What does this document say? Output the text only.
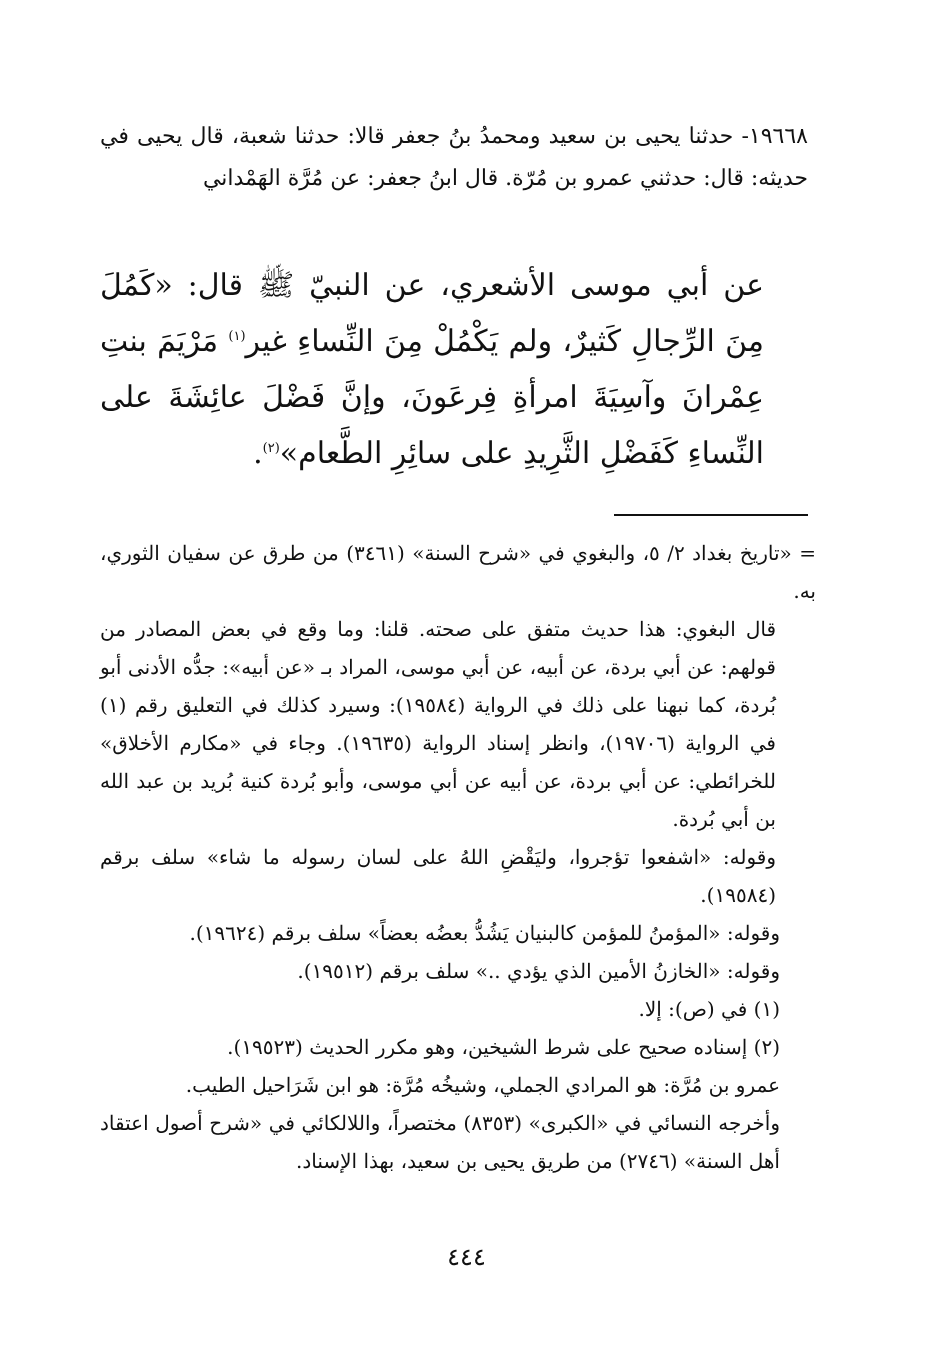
١٩٦٦٨- حدثنا يحيى بن سعيد ومحمدُ بنُ جعفر قالا: حدثنا شعبة، قال يحيى في حديثه: قال: حدثني عمرو بن مُرّة. قال ابنُ جعفر: عن مُرَّة الهَمْداني

عن أبي موسى الأشعري، عن النبيّ ﷺ قال: «كَمُلَ مِنَ الرِّجالِ كَثيرٌ، ولم يَكْمُلْ مِنَ النِّساءِ غير$^{(١)}$ مَرْيَمَ بنتِ عِمْرانَ وآسِيَةَ امرأةِ فِرعَونَ، وإنَّ فَضْلَ عائِشَةَ على النِّساءِ كَفَضْلِ الثَّرِيدِ على سائِرِ الطَّعام»$^{(٢)}$.

= «تاريخ بغداد ٢/ ٥، والبغوي في «شرح السنة» (٣٤٦١) من طرق عن سفيان الثوري، به.

قال البغوي: هذا حديث متفق على صحته. قلنا: وما وقع في بعض المصادر من قولهم: عن أبي بردة، عن أبيه، عن أبي موسى، المراد بـ «عن أبيه»: جدُّه الأدنى أبو بُردة، كما نبهنا على ذلك في الرواية (١٩٥٨٤): وسيرد كذلك في التعليق رقم (١) في الرواية (١٩٧٠٦)، وانظر إسناد الرواية (١٩٦٣٥). وجاء في «مكارم الأخلاق» للخرائطي: عن أبي بردة، عن أبيه عن أبي موسى، وأبو بُردة كنية بُريد بن عبد الله بن أبي بُردة.

وقوله: «اشفعوا تؤجروا، وليَقْضِ اللهُ على لسان رسوله ما شاء» سلف برقم (١٩٥٨٤).

وقوله: «المؤمنُ للمؤمن كالبنيان يَشُدُّ بعضُه بعضاً» سلف برقم (١٩٦٢٤).

وقوله: «الخازنُ الأمين الذي يؤدي ..» سلف برقم (١٩٥١٢).

(١) في (ص): إلا.

(٢) إسناده صحيح على شرط الشيخين، وهو مكرر الحديث (١٩٥٢٣).

عمرو بن مُرَّة: هو المرادي الجملي، وشيخُه مُرَّة: هو ابن شَرَاحيل الطيب.

وأخرجه النسائي في «الكبرى» (٨٣٥٣) مختصراً، واللالكائي في «شرح أصول اعتقاد أهل السنة» (٢٧٤٦) من طريق يحيى بن سعيد، بهذا الإسناد.

٤٤٤
